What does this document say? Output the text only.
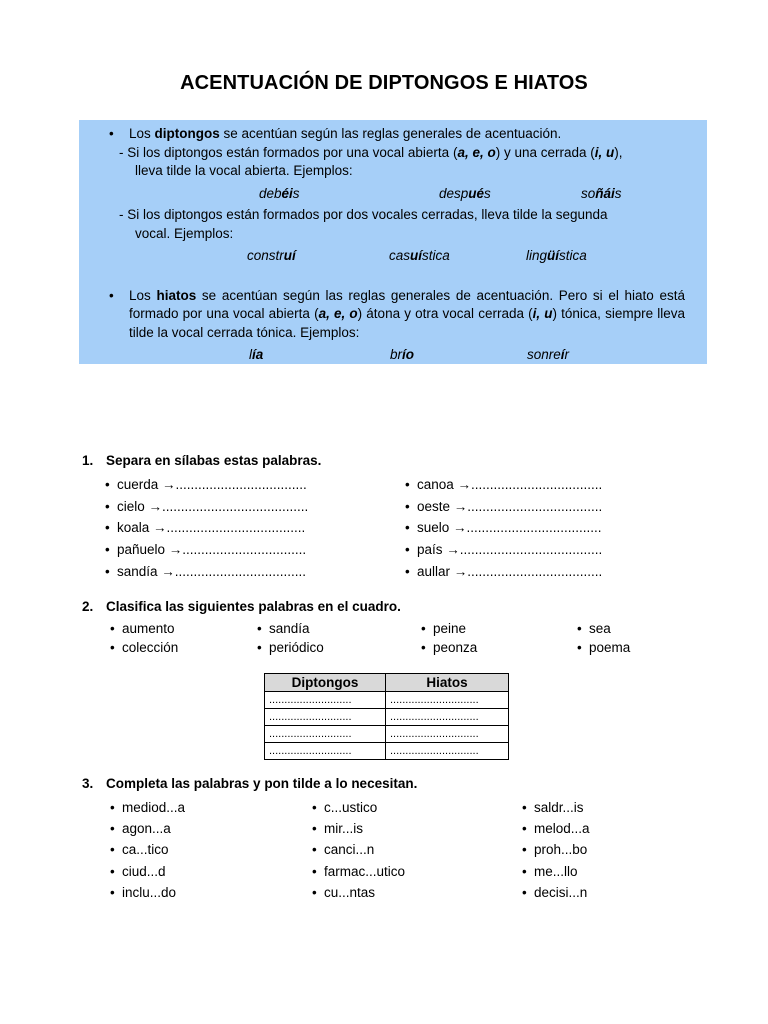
ACENTUACIÓN DE DIPTONGOS E HIATOS
• Los diptongos se acentúan según las reglas generales de acentuación.
- Si los diptongos están formados por una vocal abierta (a, e, o) y una cerrada (i, u),
lleva tilde la vocal abierta. Ejemplos:
debéis	después	soñáis
- Si los diptongos están formados por dos vocales cerradas, lleva tilde la segunda
vocal. Ejemplos:
construí	casuística	lingüística
• Los hiatos se acentúan según las reglas generales de acentuación. Pero si el hiato está formado por una vocal abierta (a, e, o) átona y otra vocal cerrada (i, u) tónica, siempre lleva tilde la vocal cerrada tónica. Ejemplos:
lía	brío	sonreír
1. Separa en sílabas estas palabras.
• cuerda →...................................
• cielo →.......................................
• koala →.....................................
• pañuelo →.................................
• sandía →...................................
• canoa →...................................
• oeste →....................................
• suelo →....................................
• país →......................................
• aullar →....................................
2. Clasifica las siguientes palabras en el cuadro.
• aumento	• sandía	• peine	• sea
• colección	• periódico	• peonza	• poema
Diptongos	Hiatos
...........................	.............................
...........................	.............................
...........................	.............................
...........................	.............................
3. Completa las palabras y pon tilde a lo necesitan.
• mediod...a
• agon...a
• ca...tico
• ciud...d
• inclu...do
• c...ustico
• mir...is
• canci...n
• farmac...utico
• cu...ntas
• saldr...is
• melod...a
• proh...bo
• me...llo
• decisi...n
